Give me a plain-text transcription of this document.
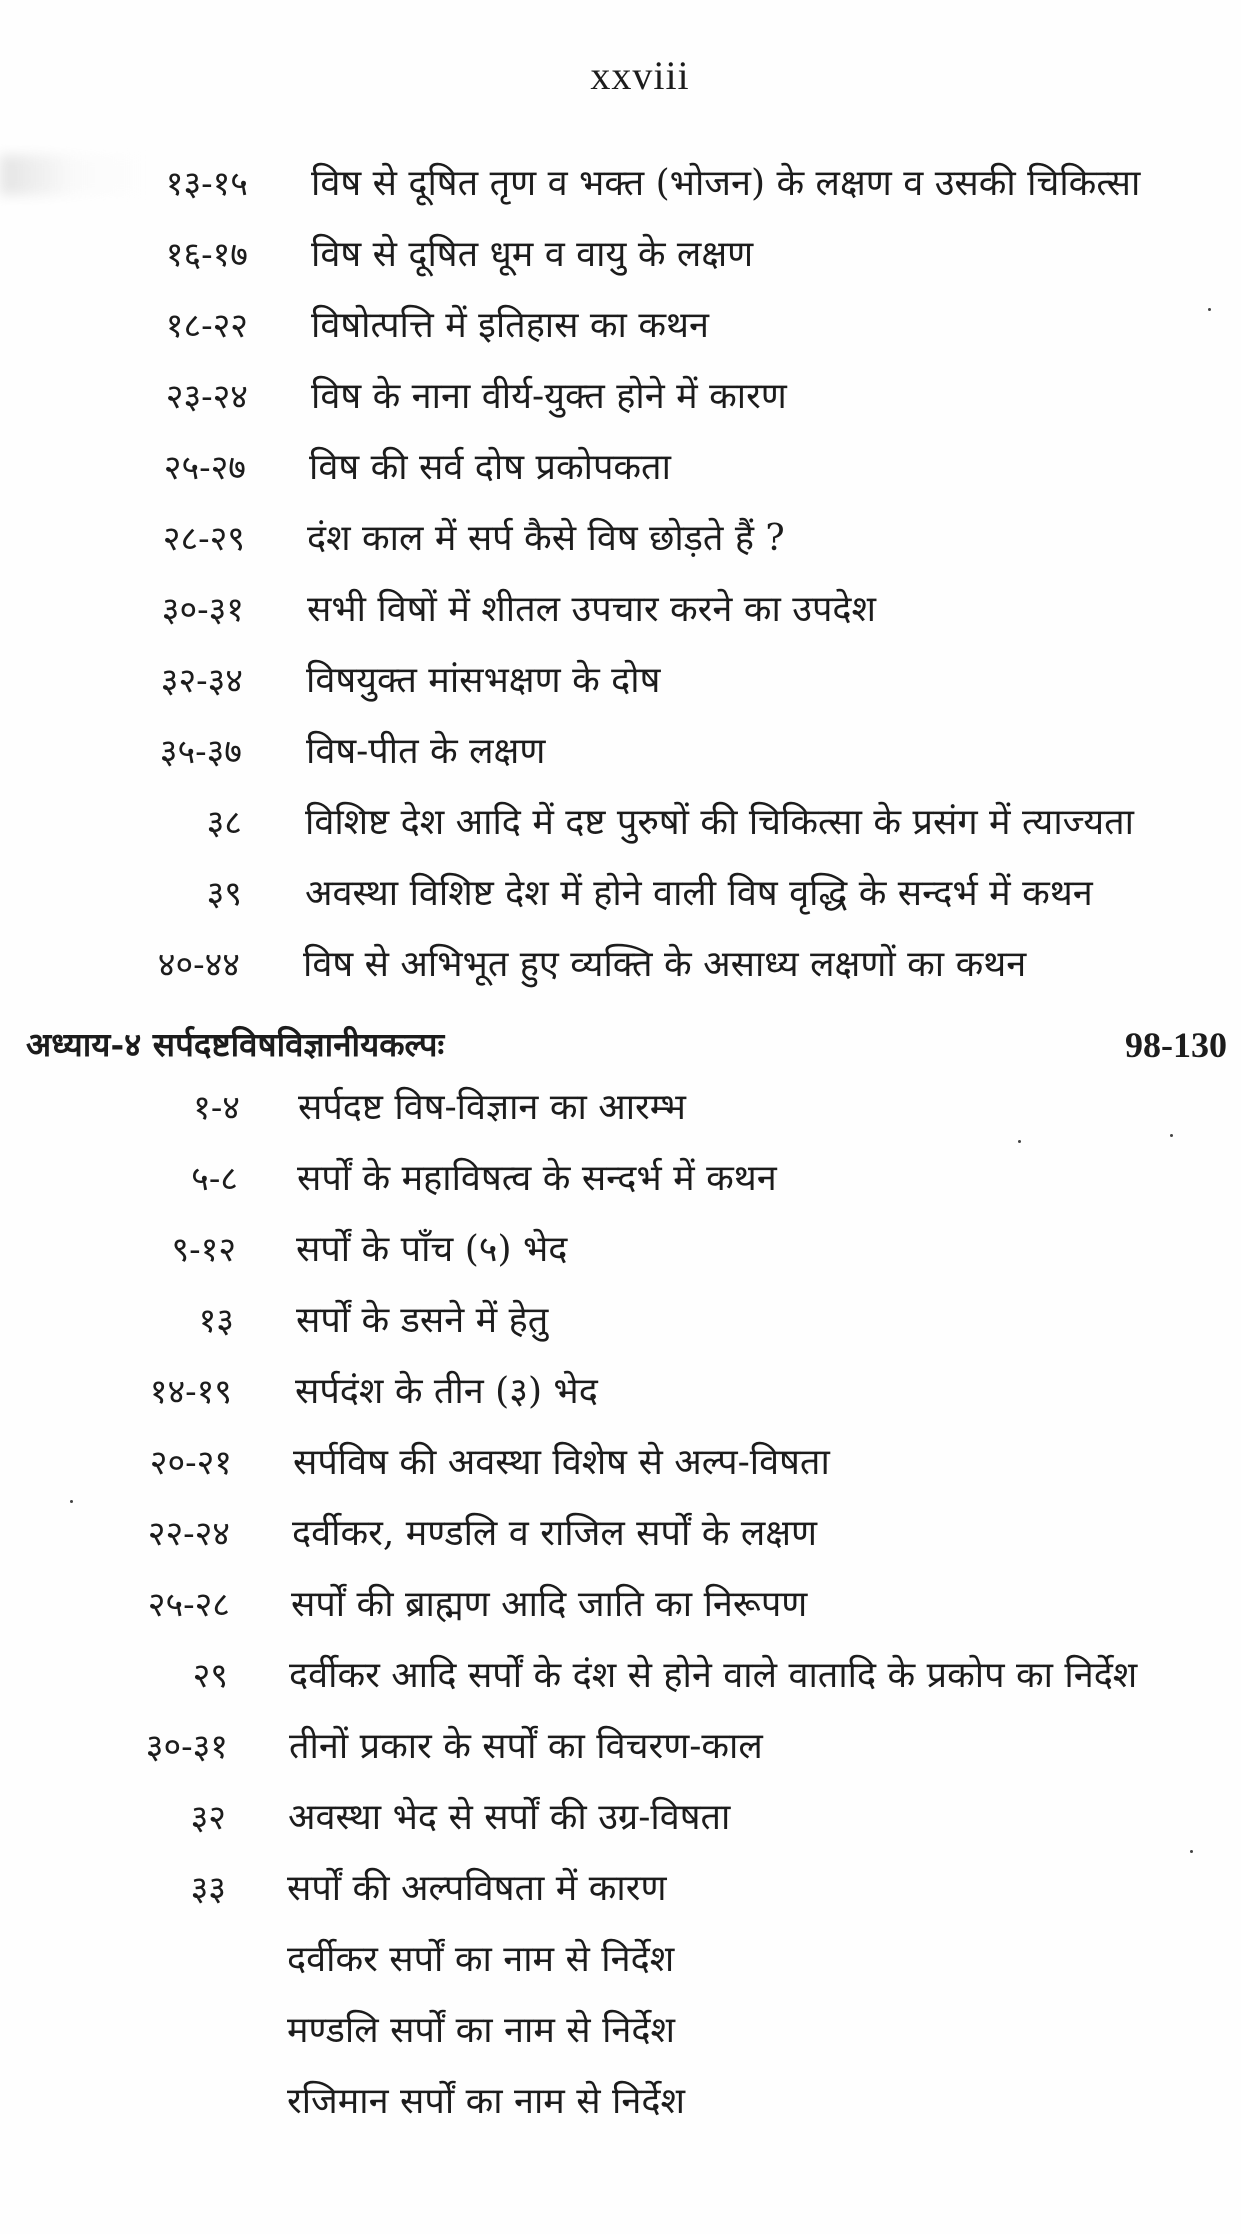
xxviii
१३-१५ विष से दूषित तृण व भक्त (भोजन) के लक्षण व उसकी चिकित्सा
१६-१७ विष से दूषित धूम व वायु के लक्षण
१८-२२ विषोत्पत्ति में इतिहास का कथन
२३-२४ विष के नाना वीर्य-युक्त होने में कारण
२५-२७ विष की सर्व दोष प्रकोपकता
२८-२९ दंश काल में सर्प कैसे विष छोड़ते हैं ?
३०-३१ सभी विषों में शीतल उपचार करने का उपदेश
३२-३४ विषयुक्त मांसभक्षण के दोष
३५-३७ विष-पीत के लक्षण
३८ विशिष्ट देश आदि में दष्ट पुरुषों की चिकित्सा के प्रसंग में त्याज्यता
३९ अवस्था विशिष्ट देश में होने वाली विष वृद्धि के सन्दर्भ में कथन
४०-४४ विष से अभिभूत हुए व्यक्ति के असाध्य लक्षणों का कथन
अध्याय-४ सर्पदष्टविषविज्ञानीयकल्पः	98-130
१-४ सर्पदष्ट विष-विज्ञान का आरम्भ
५-८ सर्पों के महाविषत्व के सन्दर्भ में कथन
९-१२ सर्पों के पाँच (५) भेद
१३ सर्पों के डसने में हेतु
१४-१९ सर्पदंश के तीन (३) भेद
२०-२१ सर्पविष की अवस्था विशेष से अल्प-विषता
२२-२४ दर्वीकर, मण्डलि व राजिल सर्पों के लक्षण
२५-२८ सर्पों की ब्राह्मण आदि जाति का निरूपण
२९ दर्वीकर आदि सर्पों के दंश से होने वाले वातादि के प्रकोप का निर्देश
३०-३१ तीनों प्रकार के सर्पों का विचरण-काल
३२ अवस्था भेद से सर्पों की उग्र-विषता
३३ सर्पों की अल्पविषता में कारण
दर्वीकर सर्पों का नाम से निर्देश
मण्डलि सर्पों का नाम से निर्देश
रजिमान सर्पों का नाम से निर्देश
